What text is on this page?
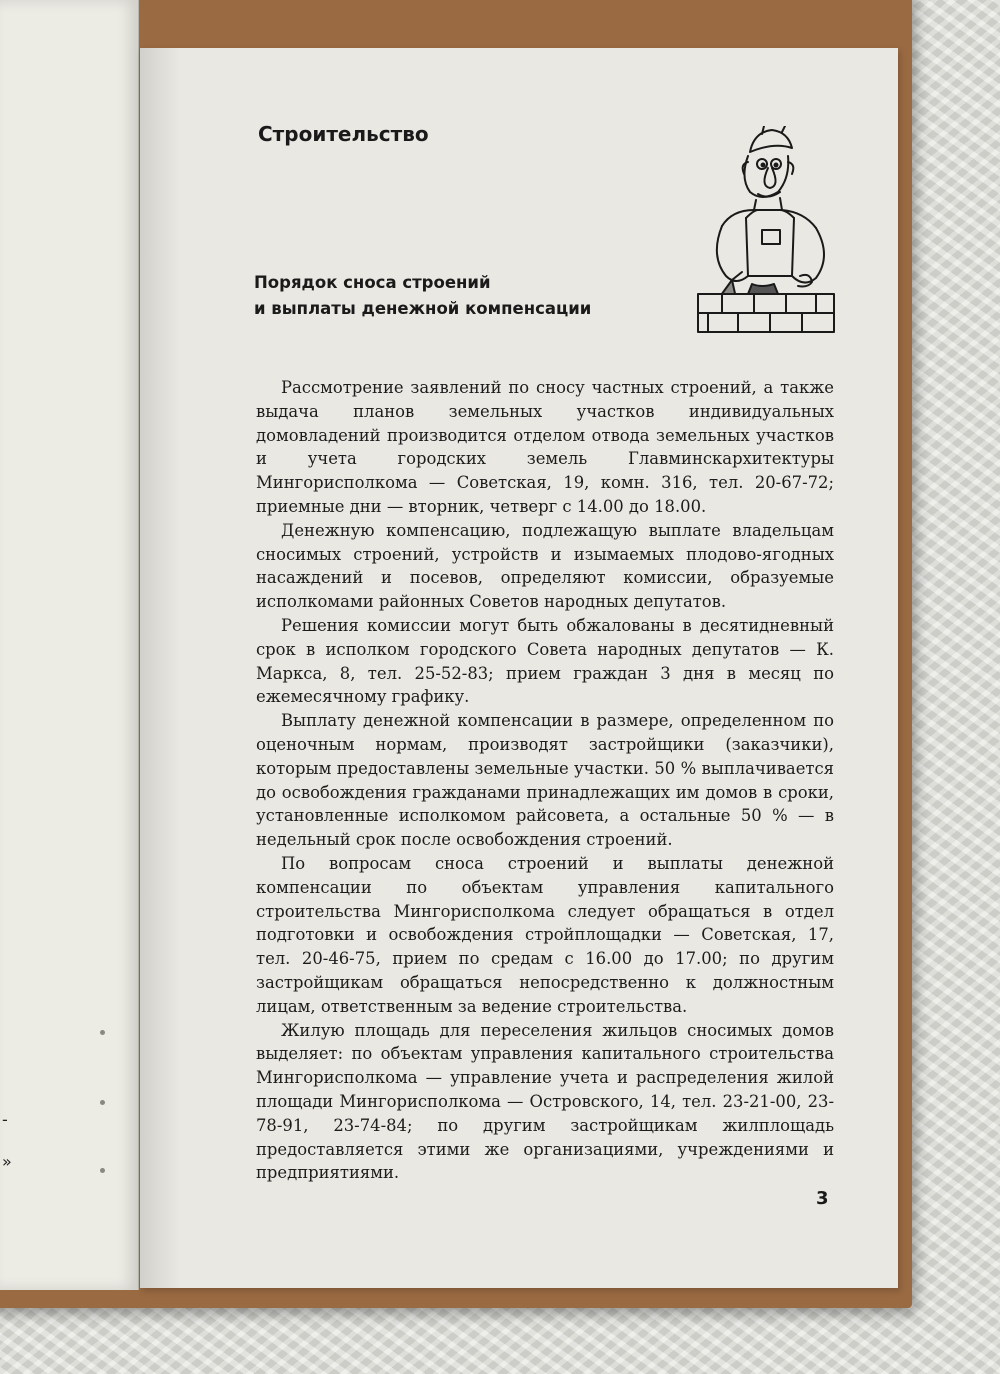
-
»
Строительство
Порядок сноса строений
и выплаты денежной компенсации

Рассмотрение заявлений по сносу частных строений, а также выдача планов земельных участков индивидуальных домовладений производится отделом отвода земельных участков и учета городских земель Главминскархитектуры Мингорисполкома — Советская, 19, комн. 316, тел. 20-67-72; приемные дни — вторник, четверг с 14.00 до 18.00.

Денежную компенсацию, подлежащую выплате владельцам сносимых строений, устройств и изымаемых плодово-ягодных насаждений и посевов, определяют комиссии, образуемые исполкомами районных Советов народных депутатов.

Решения комиссии могут быть обжалованы в десятидневный срок в исполком городского Совета народных депутатов — К. Маркса, 8, тел. 25-52-83; прием граждан 3 дня в месяц по ежемесячному графику.

Выплату денежной компенсации в размере, определенном по оценочным нормам, производят застройщики (заказчики), которым предоставлены земельные участки. 50 % выплачивается до освобождения гражданами принадлежащих им домов в сроки, установленные исполкомом райсовета, а остальные 50 % — в недельный срок после освобождения строений.

По вопросам сноса строений и выплаты денежной компенсации по объектам управления капитального строительства Мингорисполкома следует обращаться в отдел подготовки и освобождения стройплощадки — Советская, 17, тел. 20-46-75, прием по средам с 16.00 до 17.00; по другим застройщикам обращаться непосредственно к должностным лицам, ответственным за ведение строительства.

Жилую площадь для переселения жильцов сносимых домов выделяет: по объектам управления капитального строительства Мингорисполкома — управление учета и распределения жилой площади Мингорисполкома — Островского, 14, тел. 23-21-00, 23-78-91, 23-74-84; по другим застройщикам жилплощадь предоставляется этими же организациями, учреждениями и предприятиями.

3
